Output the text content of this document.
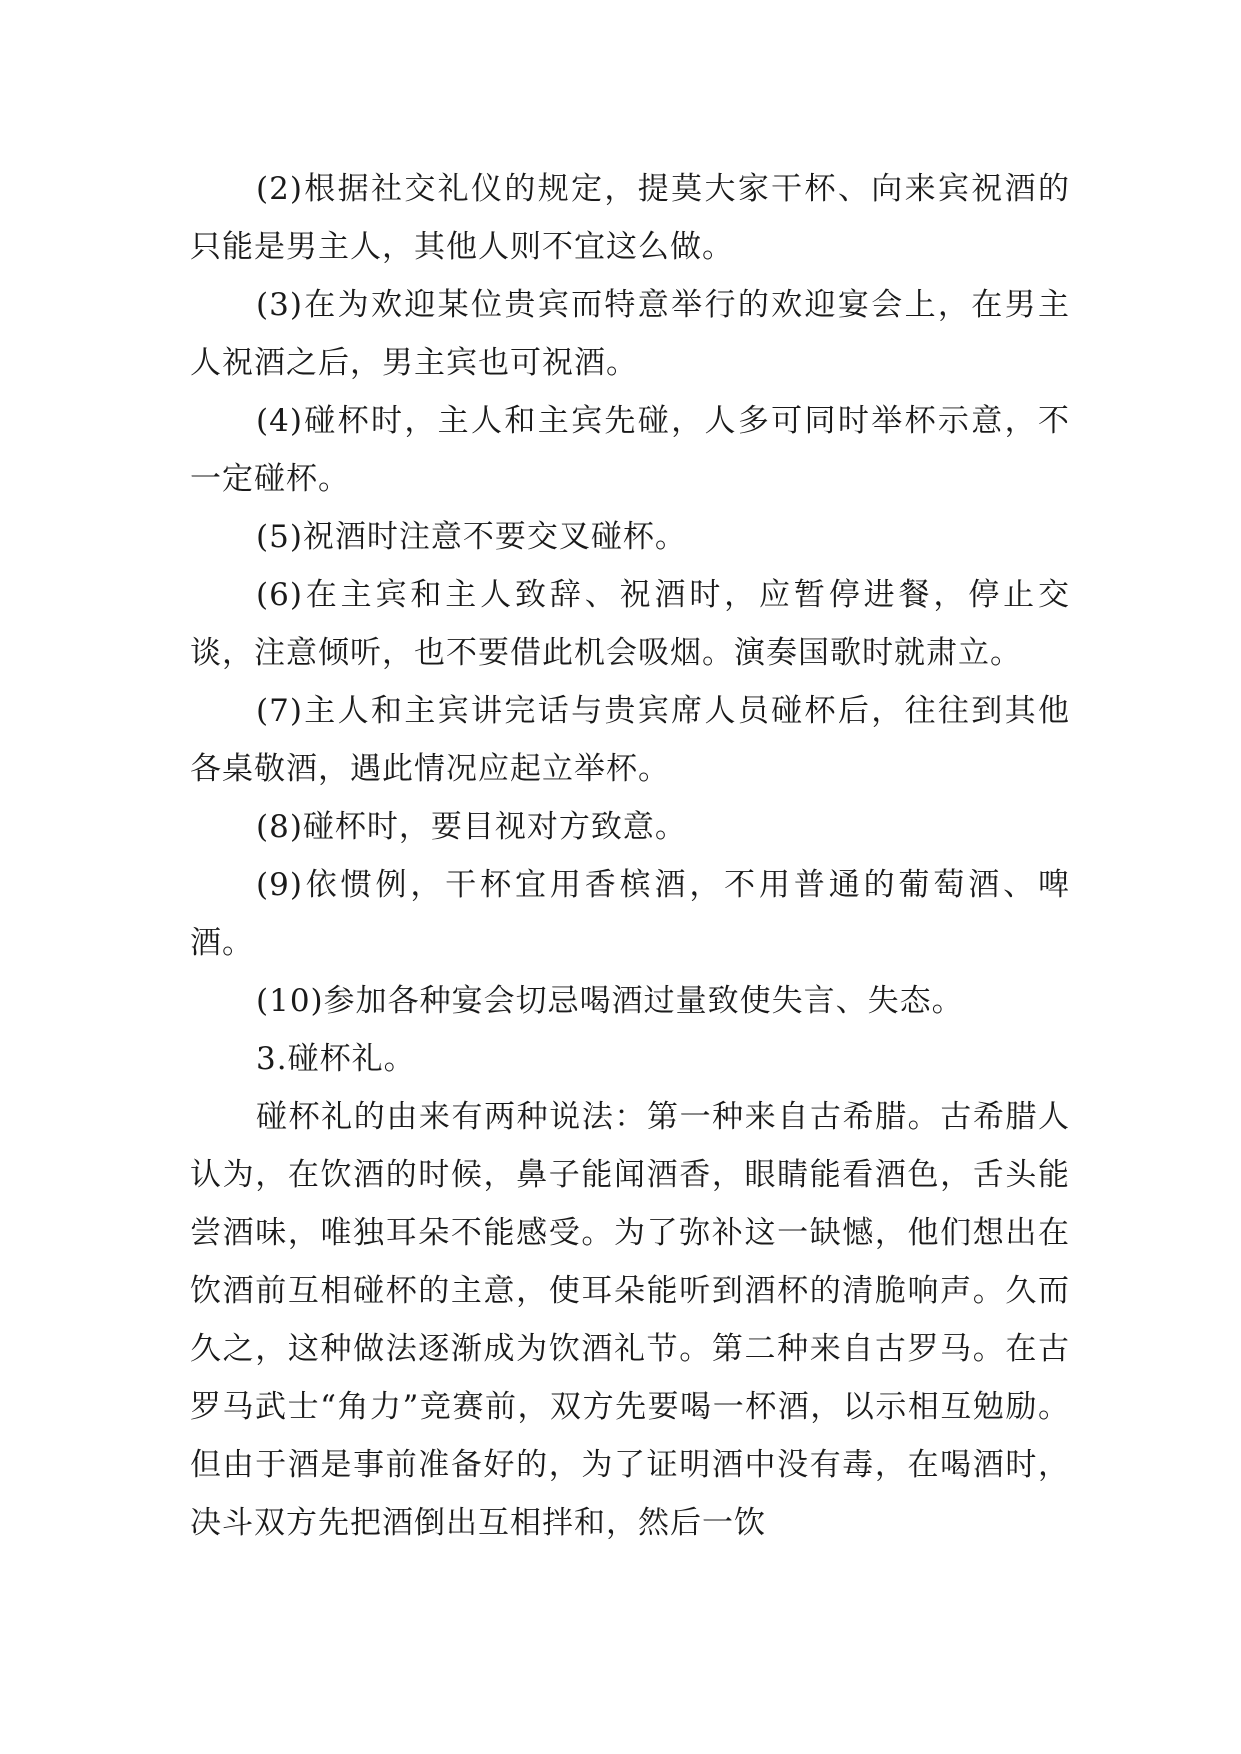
(2)根据社交礼仪的规定，提莫大家干杯、向来宾祝酒的只能是男主人，其他人则不宜这么做。

(3)在为欢迎某位贵宾而特意举行的欢迎宴会上，在男主人祝酒之后，男主宾也可祝酒。

(4)碰杯时，主人和主宾先碰，人多可同时举杯示意，不一定碰杯。

(5)祝酒时注意不要交叉碰杯。

(6)在主宾和主人致辞、祝酒时，应暂停进餐，停止交谈，注意倾听，也不要借此机会吸烟。演奏国歌时就肃立。

(7)主人和主宾讲完话与贵宾席人员碰杯后，往往到其他各桌敬酒，遇此情况应起立举杯。

(8)碰杯时，要目视对方致意。

(9)依惯例，干杯宜用香槟酒，不用普通的葡萄酒、啤酒。

(10)参加各种宴会切忌喝酒过量致使失言、失态。

3.碰杯礼。

碰杯礼的由来有两种说法：第一种来自古希腊。古希腊人认为，在饮酒的时候，鼻子能闻酒香，眼睛能看酒色，舌头能尝酒味，唯独耳朵不能感受。为了弥补这一缺憾，他们想出在饮酒前互相碰杯的主意，使耳朵能听到酒杯的清脆响声。久而久之，这种做法逐渐成为饮酒礼节。第二种来自古罗马。在古罗马武士“角力”竞赛前，双方先要喝一杯酒，以示相互勉励。但由于酒是事前准备好的，为了证明酒中没有毒，在喝酒时，决斗双方先把酒倒出互相拌和，然后一饮
